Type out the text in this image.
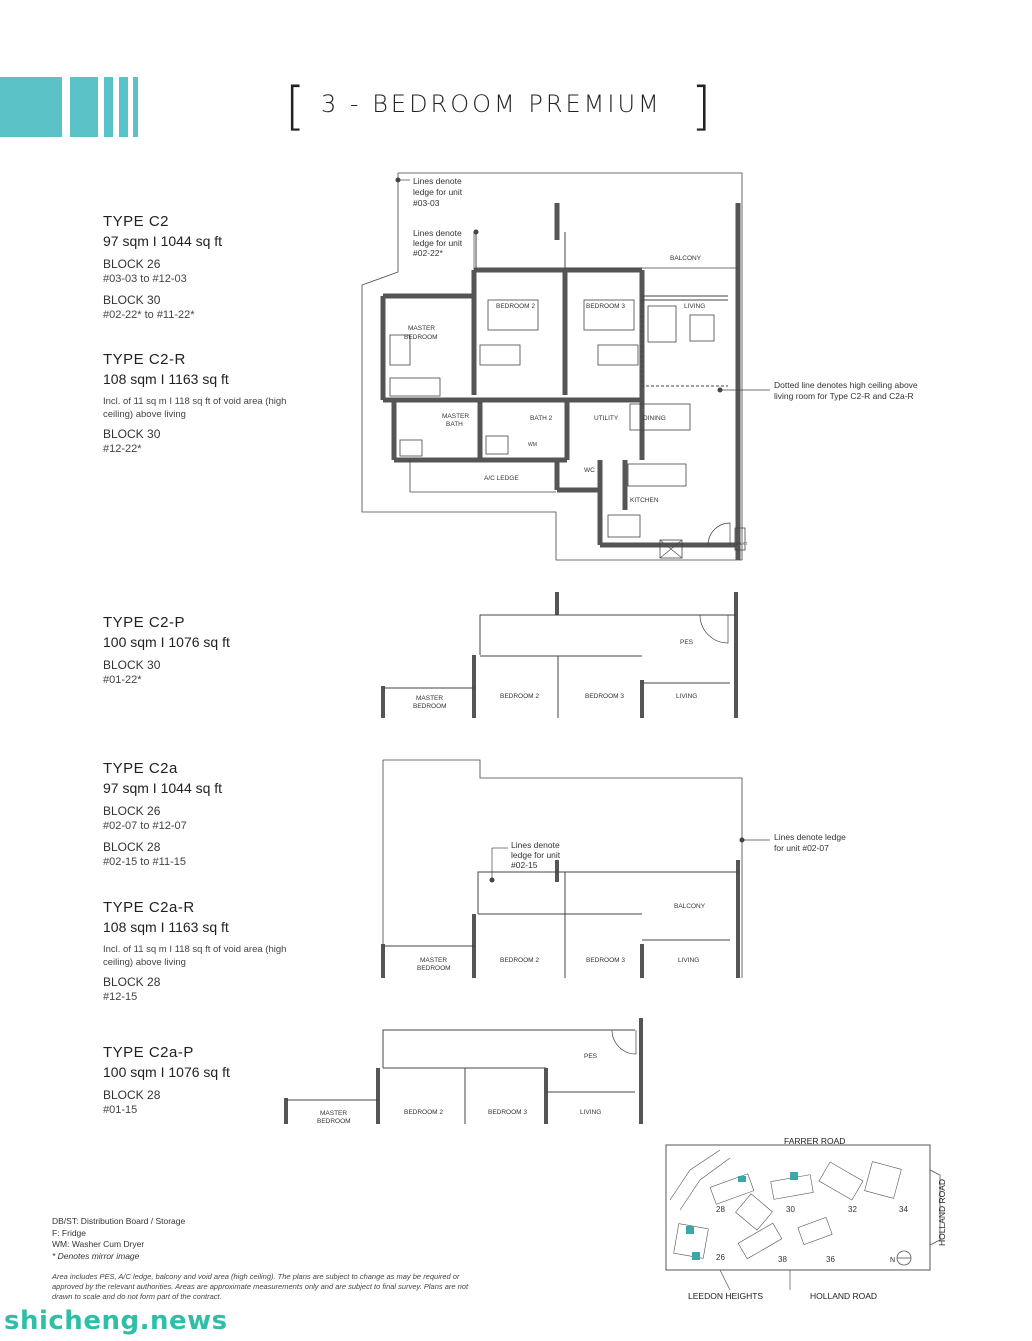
[ 3 - BEDROOM PREMIUM ]

TYPE C2

97 sqm I 1044 sq ft

BLOCK 26

#03-03 to #12-03

BLOCK 30

#02-22* to #11-22*

TYPE C2-R

108 sqm I 1163 sq ft

Incl. of 11 sq m I 118 sq ft of void area (high ceiling) above living

BLOCK 30

#12-22*

TYPE C2-P

100 sqm I 1076 sq ft

BLOCK 30

#01-22*

TYPE C2a

97 sqm I 1044 sq ft

BLOCK 26

#02-07 to #12-07

BLOCK 28

#02-15 to #11-15

TYPE C2a-R

108 sqm I 1163 sq ft

Incl. of 11 sq m I 118 sq ft of void area (high ceiling) above living

BLOCK 28

#12-15

TYPE C2a-P

100 sqm I 1076 sq ft

BLOCK 28

#01-15

Lines denote
ledge for unit
#03-03
Lines denote
ledge for unit
#02-22*
Dotted line denotes high ceiling above
living room for Type C2-R and C2a-R
BALCONY
BEDROOM 2	BEDROOM 3	LIVING
MASTER
BEDROOM
MASTER
BATH
BATH 2	UTILITY	DINING
WC
A/C LEDGE
KITCHEN
WM
DB/ST
PES
MASTER
BEDROOM
BEDROOM 2	BEDROOM 3	LIVING
Lines denote ledge
for unit #02-07
Lines denote
ledge for unit
#02-15
BALCONY
MASTER
BEDROOM
BEDROOM 2	BEDROOM 3	LIVING
PES
MASTER
BEDROOM
BEDROOM 2	BEDROOM 3	LIVING
FARRER ROAD
HOLLAND ROAD
LEEDON HEIGHTS	HOLLAND ROAD
N
28	30	32	34
26	38	36
DB/ST: Distribution Board / Storage
F: Fridge
WM: Washer Cum Dryer
* Denotes mirror image
Area includes PES, A/C ledge, balcony and void area (high ceiling). The plans are subject to change as may be required or approved by the relevant authorities. Areas are approximate measurements only and are subject to final survey. Plans are not drawn to scale and do not form part of the contract.
shicheng.news
